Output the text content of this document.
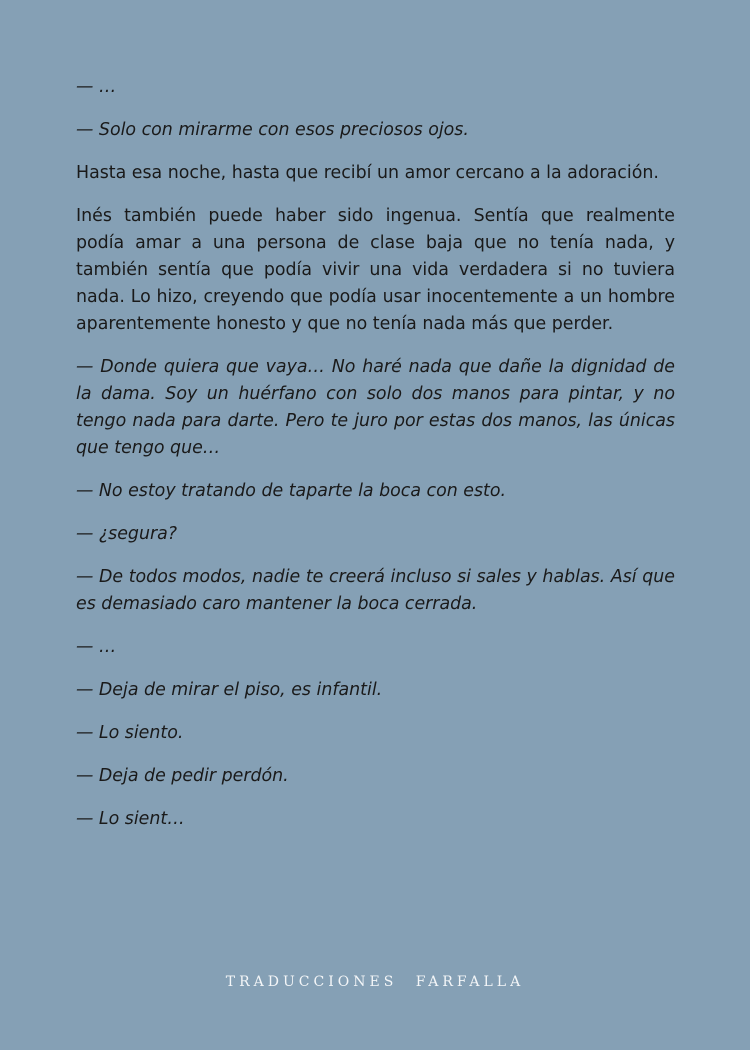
— …

— Solo con mirarme con esos preciosos ojos.

Hasta esa noche, hasta que recibí un amor cercano a la adoración.

Inés también puede haber sido ingenua. Sentía que realmente podía amar a una persona de clase baja que no tenía nada, y también sentía que podía vivir una vida verdadera si no tuviera nada. Lo hizo, creyendo que podía usar inocentemente a un hombre aparentemente honesto y que no tenía nada más que perder.

— Donde quiera que vaya… No haré nada que dañe la dignidad de la dama. Soy un huérfano con solo dos manos para pintar, y no tengo nada para darte. Pero te juro por estas dos manos, las únicas que tengo que…

— No estoy tratando de taparte la boca con esto.

— ¿segura?

— De todos modos, nadie te creerá incluso si sales y hablas. Así que es demasiado caro mantener la boca cerrada.

— …

— Deja de mirar el piso, es infantil.

— Lo siento.

— Deja de pedir perdón.

— Lo sient…

TRADUCCIONES FARFALLA
